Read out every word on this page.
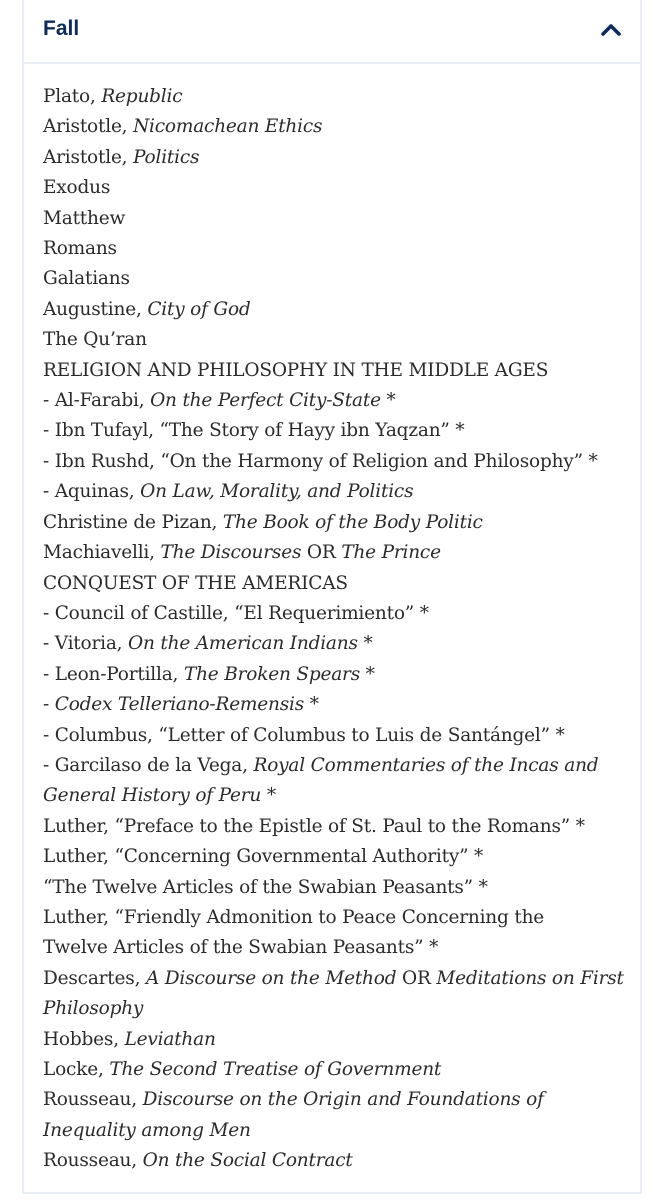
Fall
Plato, Republic
Aristotle, Nicomachean Ethics
Aristotle, Politics
Exodus
Matthew
Romans
Galatians
Augustine, City of God
The Qu’ran
RELIGION AND PHILOSOPHY IN THE MIDDLE AGES
- Al-Farabi, On the Perfect City-State *
- Ibn Tufayl, “The Story of Hayy ibn Yaqzan” *
- Ibn Rushd, “On the Harmony of Religion and Philosophy” *
- Aquinas, On Law, Morality, and Politics
Christine de Pizan, The Book of the Body Politic
Machiavelli, The Discourses OR The Prince
CONQUEST OF THE AMERICAS
- Council of Castille, “El Requerimiento” *
- Vitoria, On the American Indians *
- Leon-Portilla, The Broken Spears *
- Codex Telleriano-Remensis *
- Columbus, “Letter of Columbus to Luis de Santángel” *
- Garcilaso de la Vega, Royal Commentaries of the Incas and
General History of Peru *
Luther, “Preface to the Epistle of St. Paul to the Romans” *
Luther, “Concerning Governmental Authority” *
“The Twelve Articles of the Swabian Peasants” *
Luther, “Friendly Admonition to Peace Concerning the
Twelve Articles of the Swabian Peasants” *
Descartes, A Discourse on the Method OR Meditations on First
Philosophy
Hobbes, Leviathan
Locke, The Second Treatise of Government
Rousseau, Discourse on the Origin and Foundations of
Inequality among Men
Rousseau, On the Social Contract
